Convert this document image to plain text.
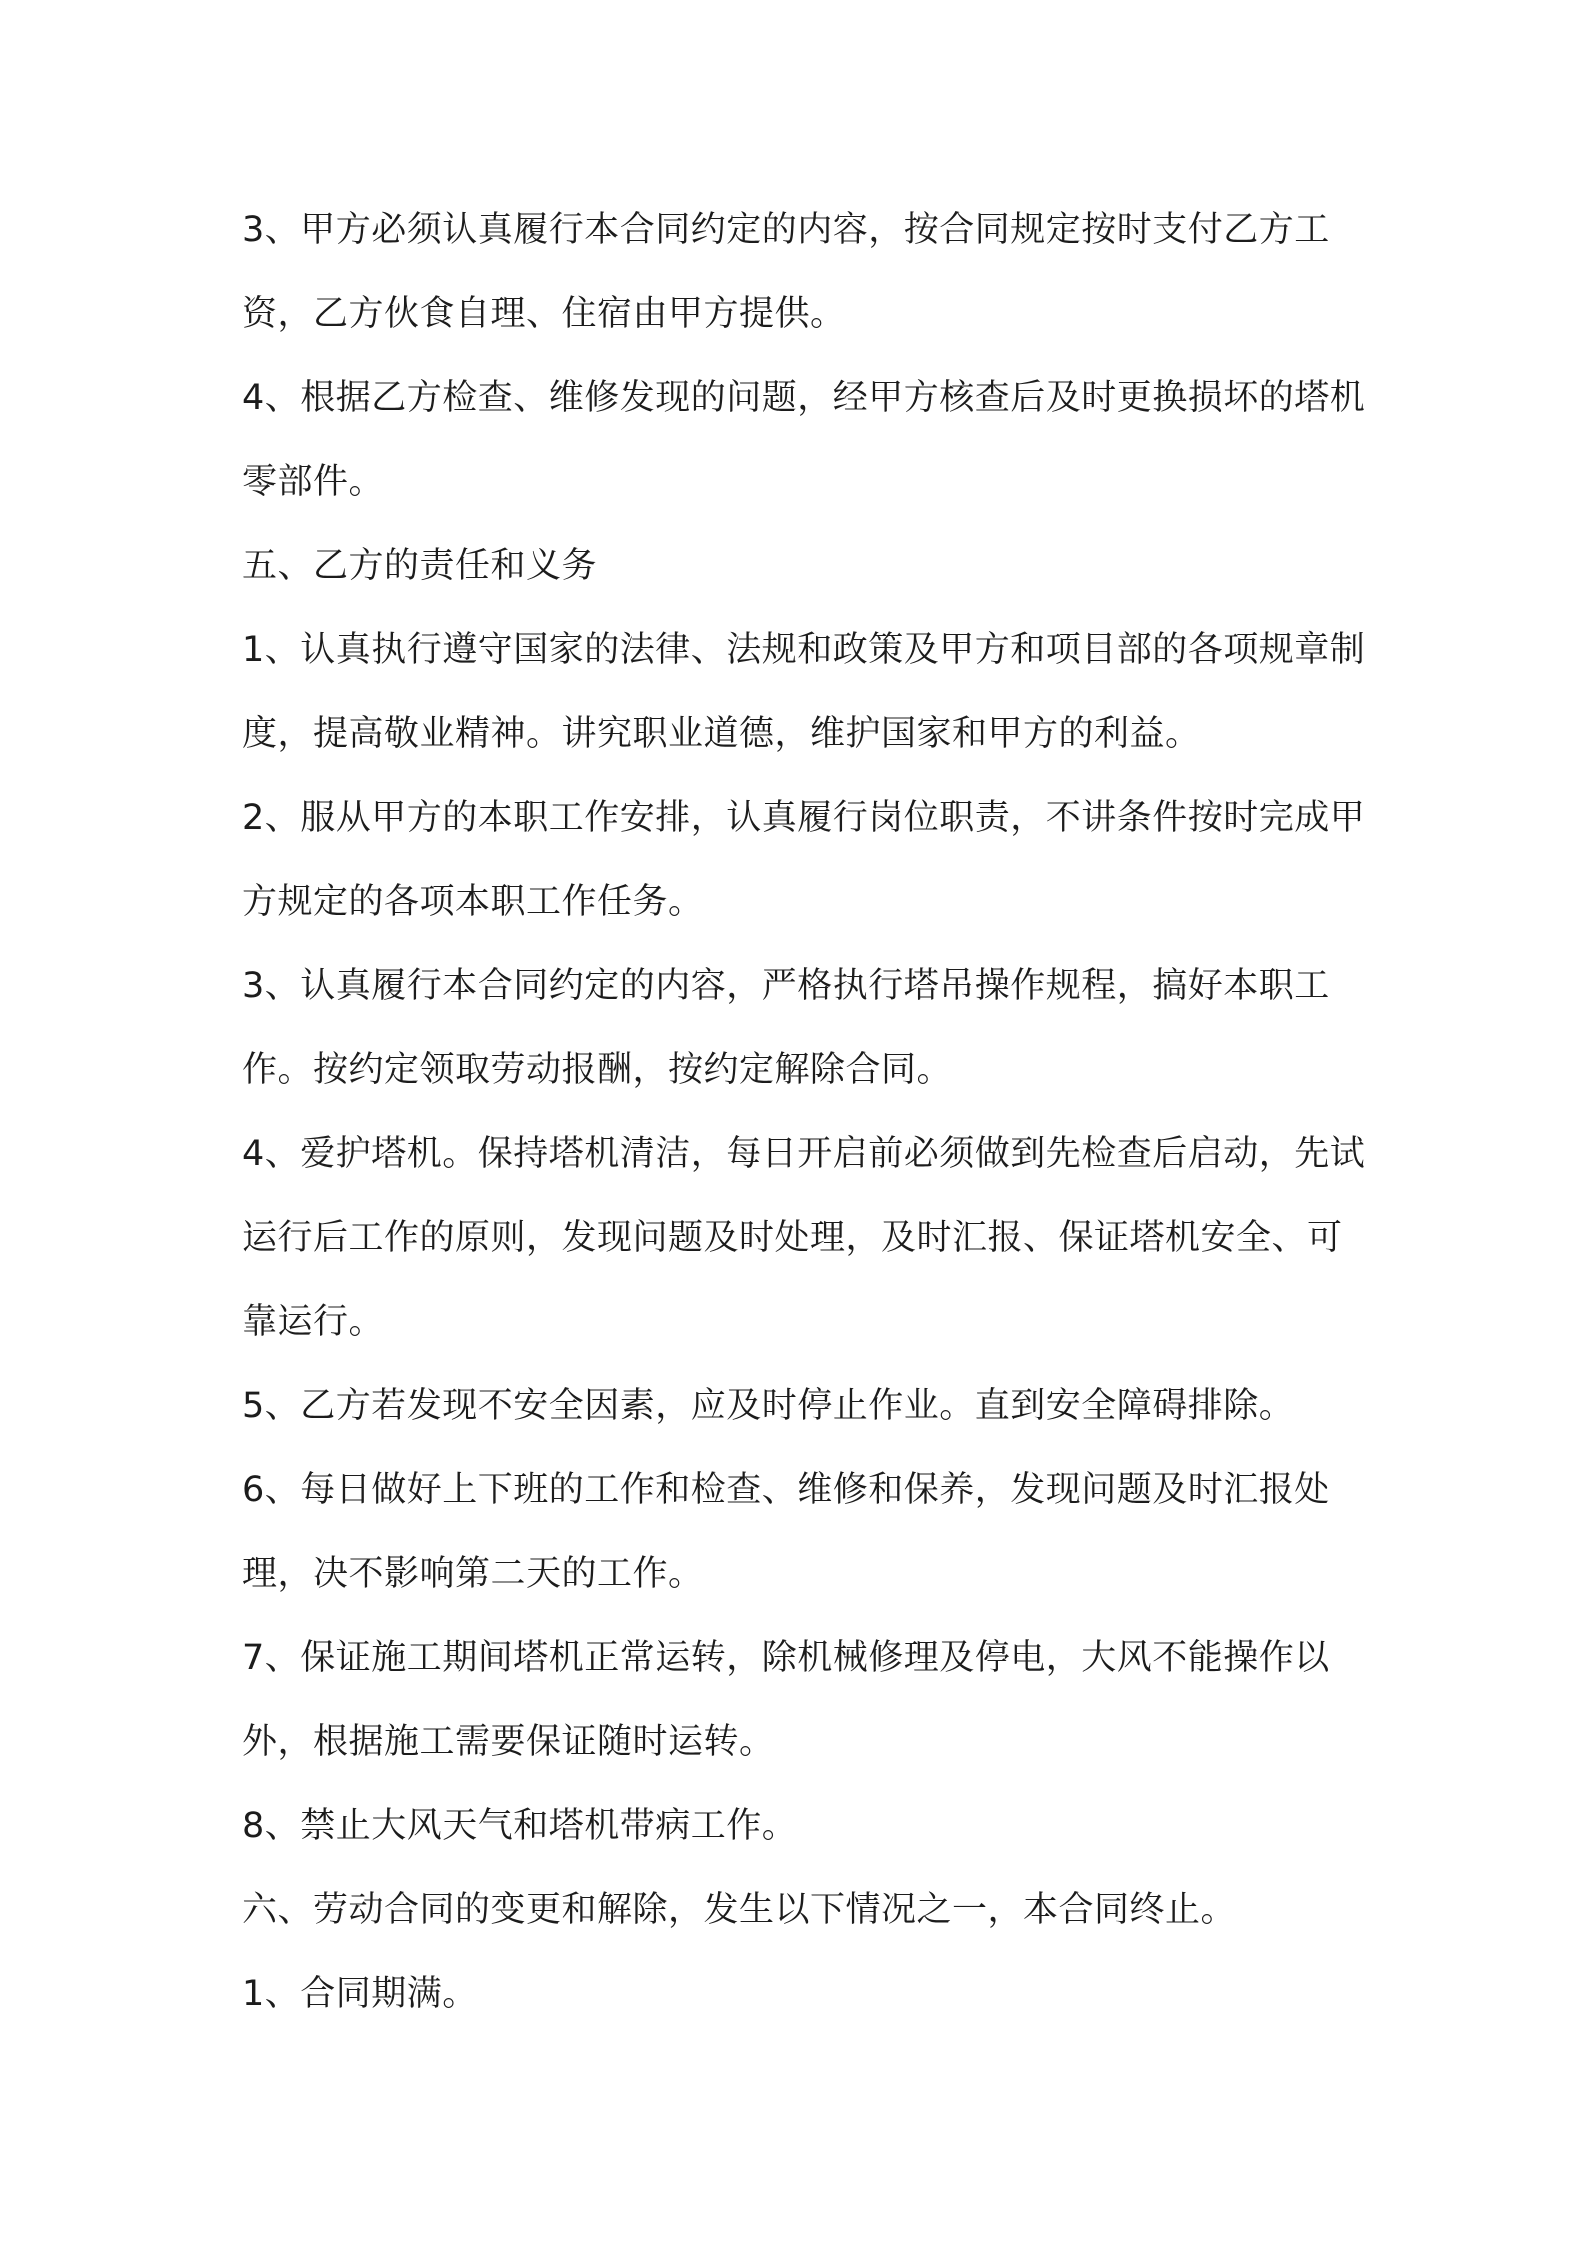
3、甲方必须认真履行本合同约定的内容，按合同规定按时支付乙方工资，乙方伙食自理、住宿由甲方提供。

4、根据乙方检查、维修发现的问题，经甲方核查后及时更换损坏的塔机零部件。

五、乙方的责任和义务

1、认真执行遵守国家的法律、法规和政策及甲方和项目部的各项规章制度，提高敬业精神。讲究职业道德，维护国家和甲方的利益。

2、服从甲方的本职工作安排，认真履行岗位职责，不讲条件按时完成甲方规定的各项本职工作任务。

3、认真履行本合同约定的内容，严格执行塔吊操作规程，搞好本职工作。按约定领取劳动报酬，按约定解除合同。

4、爱护塔机。保持塔机清洁，每日开启前必须做到先检查后启动，先试运行后工作的原则，发现问题及时处理，及时汇报、保证塔机安全、可靠运行。

5、乙方若发现不安全因素，应及时停止作业。直到安全障碍排除。

6、每日做好上下班的工作和检查、维修和保养，发现问题及时汇报处理，决不影响第二天的工作。

7、保证施工期间塔机正常运转，除机械修理及停电，大风不能操作以外，根据施工需要保证随时运转。

8、禁止大风天气和塔机带病工作。

六、劳动合同的变更和解除，发生以下情况之一，本合同终止。

1、合同期满。
